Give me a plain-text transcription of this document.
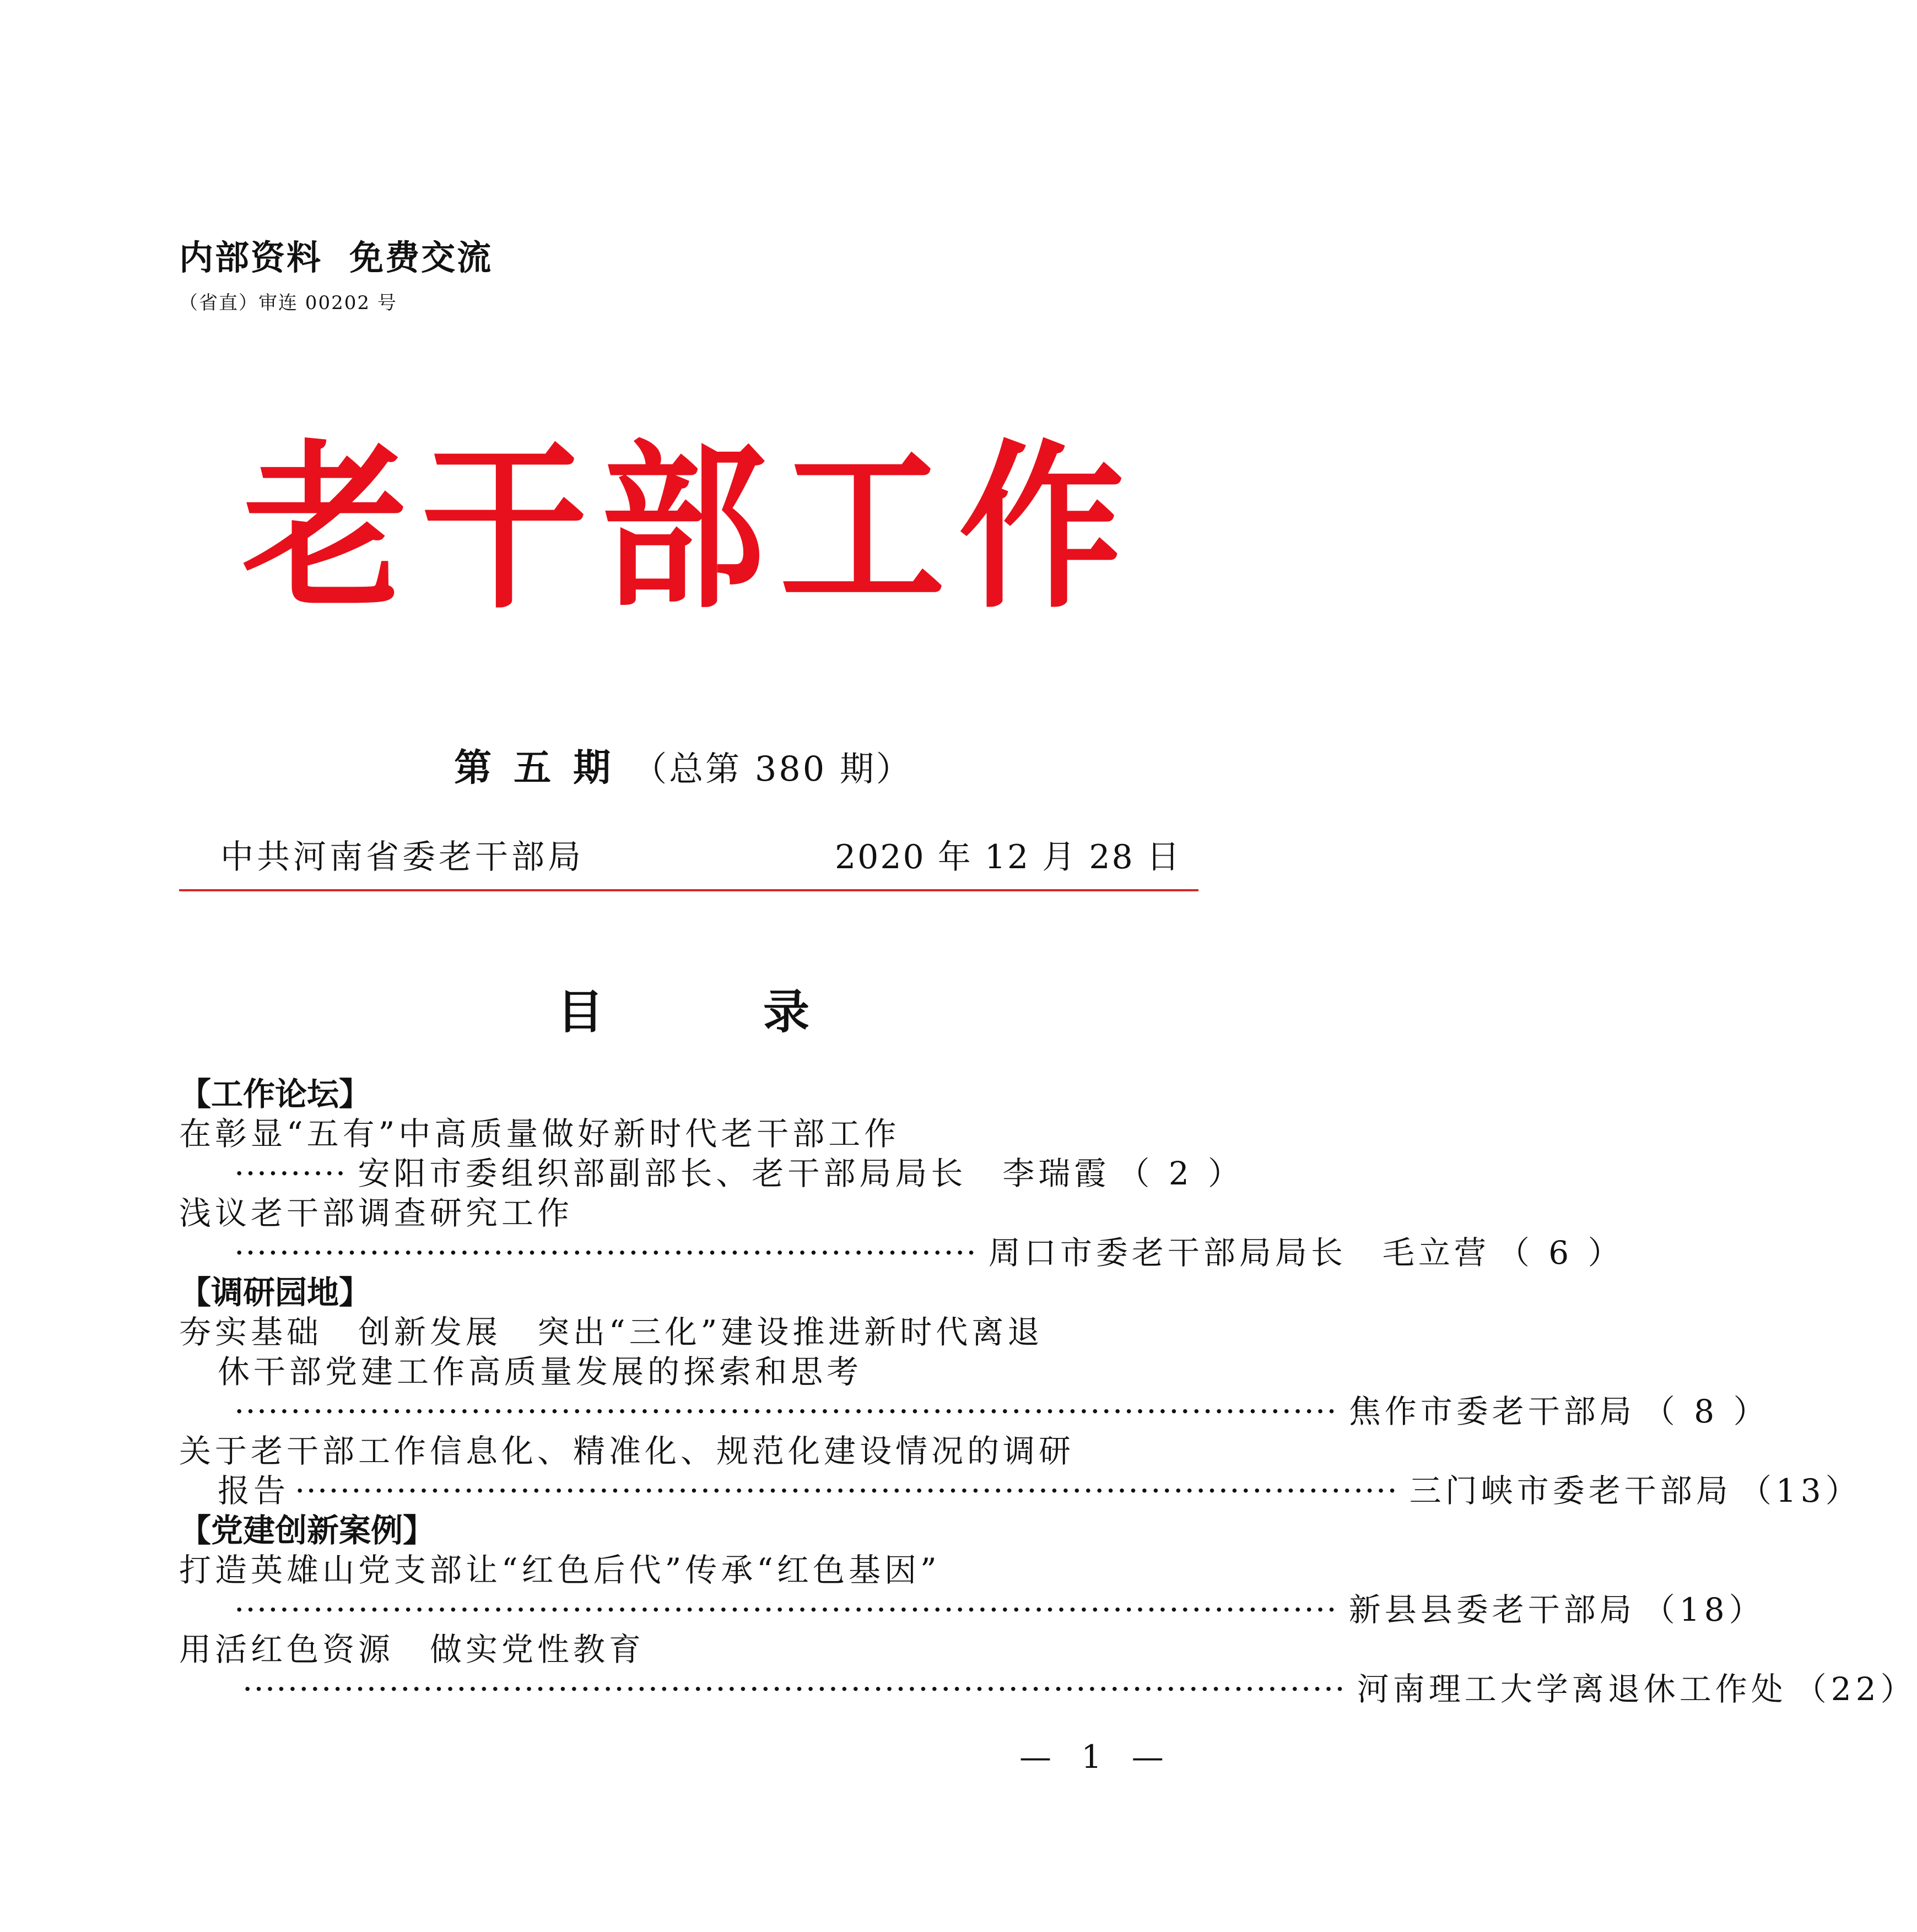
内部资料  免费交流
（省直）审连 00202 号
老 干 部 工 作
第五期（总第 380 期）
中共河南省委老干部局	2020 年 12 月 28 日
目	录
【工作论坛】
在彰显“五有”中高质量做好新时代老干部工作
·········· 安阳市委组织部副部长、老干部局局长　李瑞霞 （ 2 ）
浅议老干部调查研究工作
·································································· 周口市委老干部局局长　毛立营 （ 6 ）
【调研园地】
夯实基础　创新发展　突出“三化”建设推进新时代离退
休干部党建工作高质量发展的探索和思考
·································································································· 焦作市委老干部局 （ 8 ）
关于老干部工作信息化、精准化、规范化建设情况的调研
报告 ·································································································· 三门峡市委老干部局 （13）
【党建创新案例】
打造英雄山党支部让“红色后代”传承“红色基因”
·································································································· 新县县委老干部局 （18）
用活红色资源　做实党性教育
·································································································· 河南理工大学离退休工作处 （22）
— 1 —
